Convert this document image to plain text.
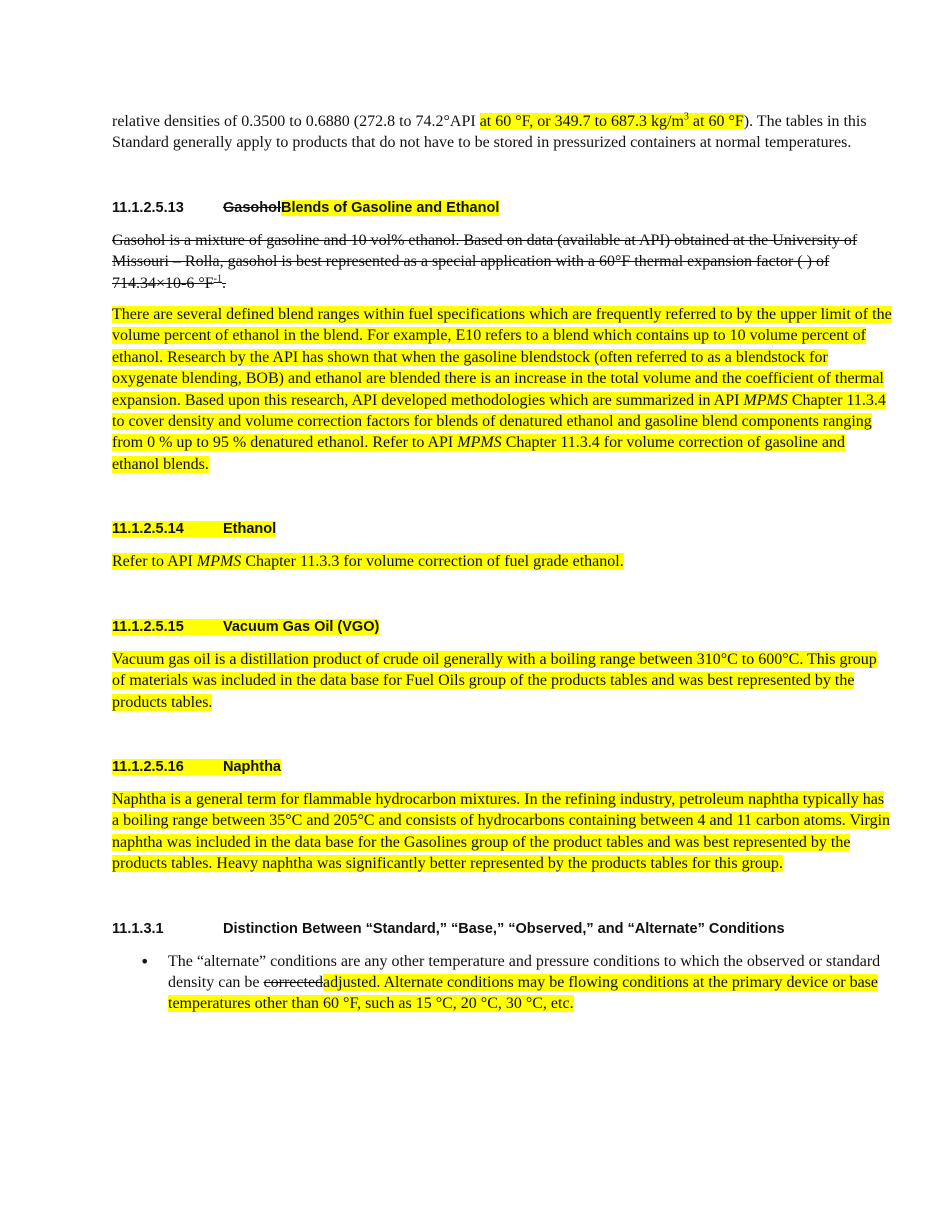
relative densities of 0.3500 to 0.6880 (272.8 to 74.2°API at 60 °F, or 349.7 to 687.3 $kg/m^3$ at 60 °F). The tables in this Standard generally apply to products that do not have to be stored in pressurized containers at normal temperatures.

11.1.2.5.13	GasoholBlends of Gasoline and Ethanol

Gasohol is a mixture of gasoline and 10 vol% ethanol. Based on data (available at API) obtained at the University of Missouri – Rolla, gasohol is best represented as a special application with a 60°F thermal expansion factor ( ) of 714.34×10-6 $^\circ F^{-1}$.

There are several defined blend ranges within fuel specifications which are frequently referred to by the upper limit of the volume percent of ethanol in the blend. For example, E10 refers to a blend which contains up to 10 volume percent of ethanol. Research by the API has shown that when the gasoline blendstock (often referred to as a blendstock for oxygenate blending, BOB) and ethanol are blended there is an increase in the total volume and the coefficient of thermal expansion. Based upon this research, API developed methodologies which are summarized in API MPMS Chapter 11.3.4 to cover density and volume correction factors for blends of denatured ethanol and gasoline blend components ranging from 0 % up to 95 % denatured ethanol. Refer to API MPMS Chapter 11.3.4 for volume correction of gasoline and ethanol blends.

11.1.2.5.14	Ethanol

Refer to API MPMS Chapter 11.3.3 for volume correction of fuel grade ethanol.

11.1.2.5.15	Vacuum Gas Oil (VGO)

Vacuum gas oil is a distillation product of crude oil generally with a boiling range between 310°C to 600°C. This group of materials was included in the data base for Fuel Oils group of the products tables and was best represented by the products tables.

11.1.2.5.16	Naphtha

Naphtha is a general term for flammable hydrocarbon mixtures. In the refining industry, petroleum naphtha typically has a boiling range between 35°C and 205°C and consists of hydrocarbons containing between 4 and 11 carbon atoms. Virgin naphtha was included in the data base for the Gasolines group of the product tables and was best represented by the products tables. Heavy naphtha was significantly better represented by the products tables for this group.

11.1.3.1	Distinction Between “Standard,” “Base,” “Observed,” and “Alternate” Conditions

• The “alternate” conditions are any other temperature and pressure conditions to which the observed or standard density can be correctedadjusted. Alternate conditions may be flowing conditions at the primary device or base temperatures other than 60 °F, such as 15 °C, 20 °C, 30 °C, etc.
